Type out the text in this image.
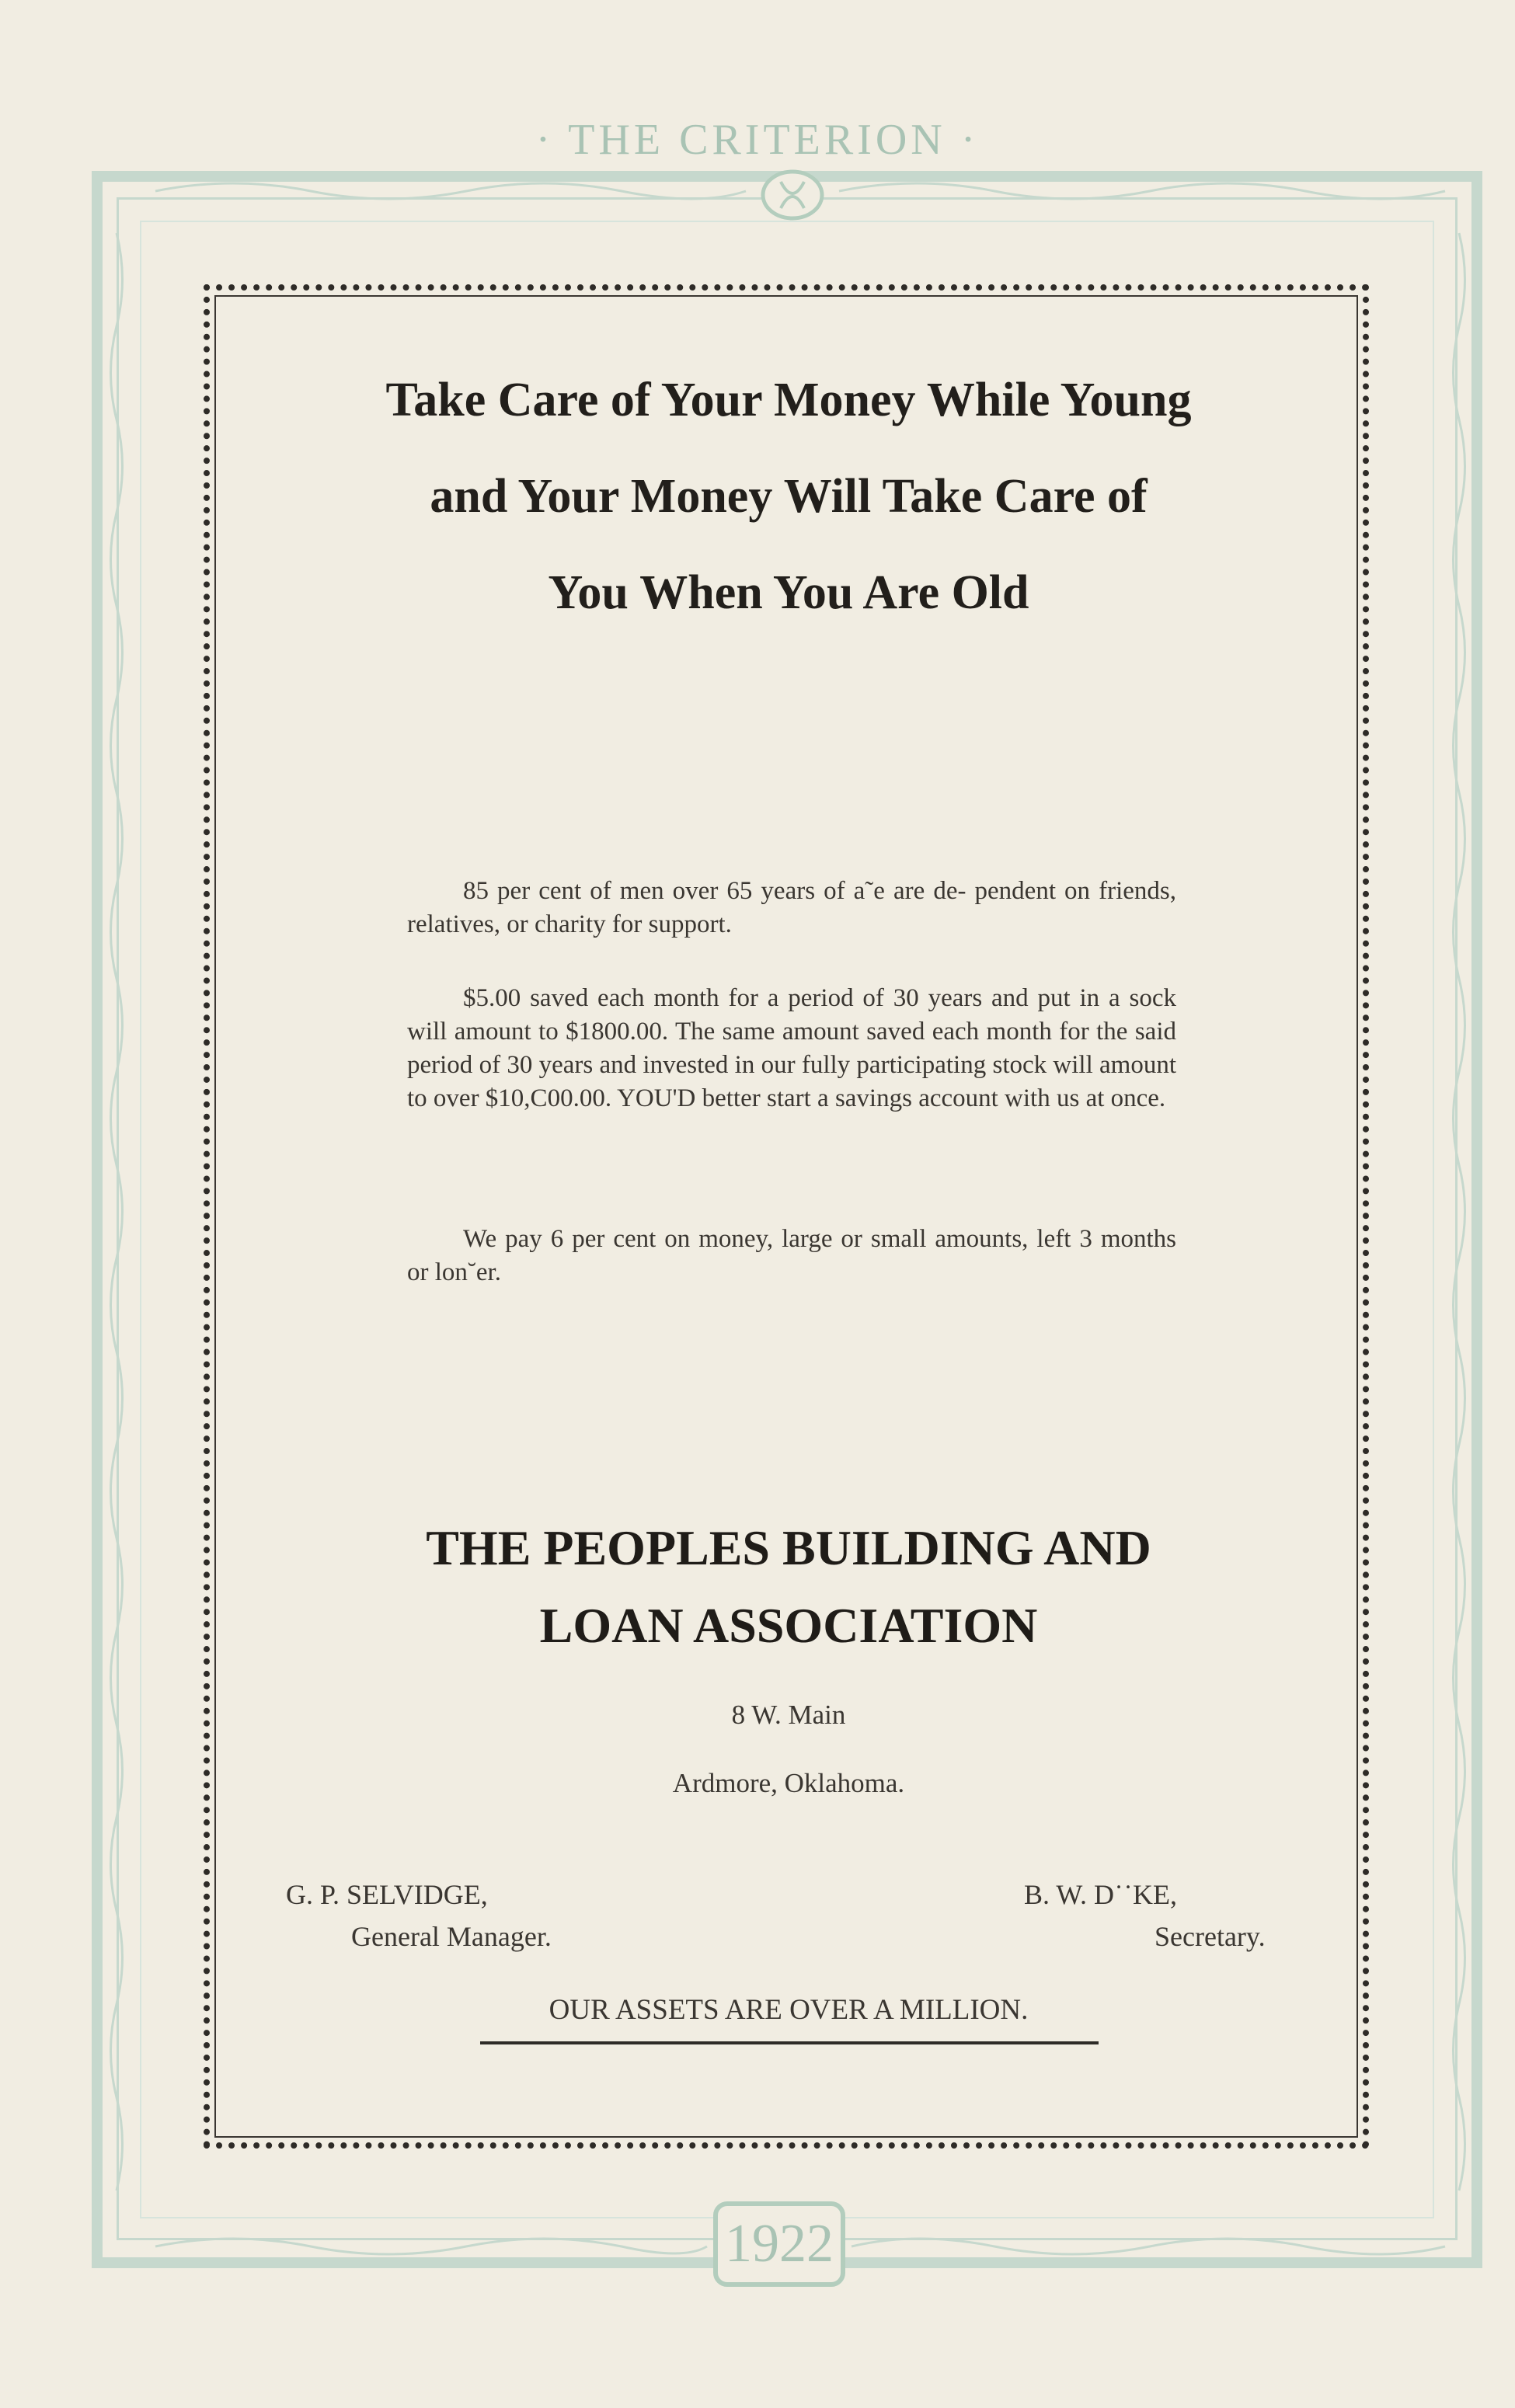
· THE CRITERION ·
1922
Take Care of Your Money While Young
and Your Money Will Take Care of
You When You Are Old
85 per cent of men over 65 years of a˜e are de- pendent on friends, relatives, or charity for support.
$5.00 saved each month for a period of 30 years and put in a sock will amount to $1800.00. The same amount saved each month for the said period of 30 years and invested in our fully participating stock will amount to over $10,C00.00. YOU'D better start a savings account with us at once.
We pay 6 per cent on money, large or small amounts, left 3 months or lon˘er.
THE PEOPLES BUILDING AND
LOAN ASSOCIATION
8 W. Main
Ardmore, Oklahoma.
G. P. SELVIDGE,
General Manager.
B. W. D˙˙KE,
Secretary.
OUR ASSETS ARE OVER A MILLION.
